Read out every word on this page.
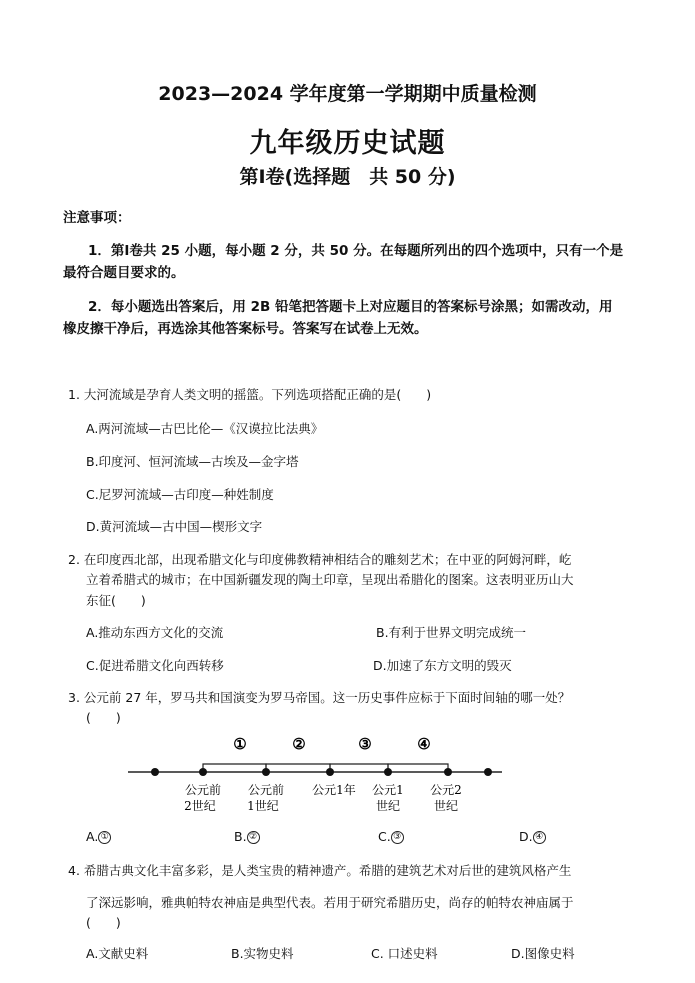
2023—2024 学年度第一学期期中质量检测
九年级历史试题
第Ⅰ卷(选择题　共 50 分)
注意事项：
1．第Ⅰ卷共 25 小题，每小题 2 分，共 50 分。在每题所列出的四个选项中，只有一个是
最符合题目要求的。
2．每小题选出答案后，用 2B 铅笔把答题卡上对应题目的答案标号涂黑；如需改动，用
橡皮擦干净后，再选涂其他答案标号。答案写在试卷上无效。
1. 大河流域是孕育人类文明的摇篮。下列选项搭配正确的是(　　)
A.两河流域—古巴比伦—《汉谟拉比法典》
B.印度河、恒河流域—古埃及—金字塔
C.尼罗河流域—古印度—种姓制度
D.黄河流域—古中国—楔形文字
2. 在印度西北部，出现希腊文化与印度佛教精神相结合的雕刻艺术；在中亚的阿姆河畔，屹
立着希腊式的城市；在中国新疆发现的陶土印章，呈现出希腊化的图案。这表明亚历山大
东征(　　)
A.推动东西方文化的交流	B.有利于世界文明完成统一
C.促进希腊文化向西转移	D.加速了东方文明的毁灭
3. 公元前 27 年，罗马共和国演变为罗马帝国。这一历史事件应标于下面时间轴的哪一处？
(　　)
①	②	③	④
公元前
2世纪
公元前
1世纪
公元1年 公元1
世纪
公元2
世纪
A. ①	B. ②	C. ③	D. ④
4. 希腊古典文化丰富多彩，是人类宝贵的精神遗产。希腊的建筑艺术对后世的建筑风格产生
了深远影响，雅典帕特农神庙是典型代表。若用于研究希腊历史，尚存的帕特农神庙属于
(　　)
A.文献史料	B.实物史料	C. 口述史料	D.图像史料
